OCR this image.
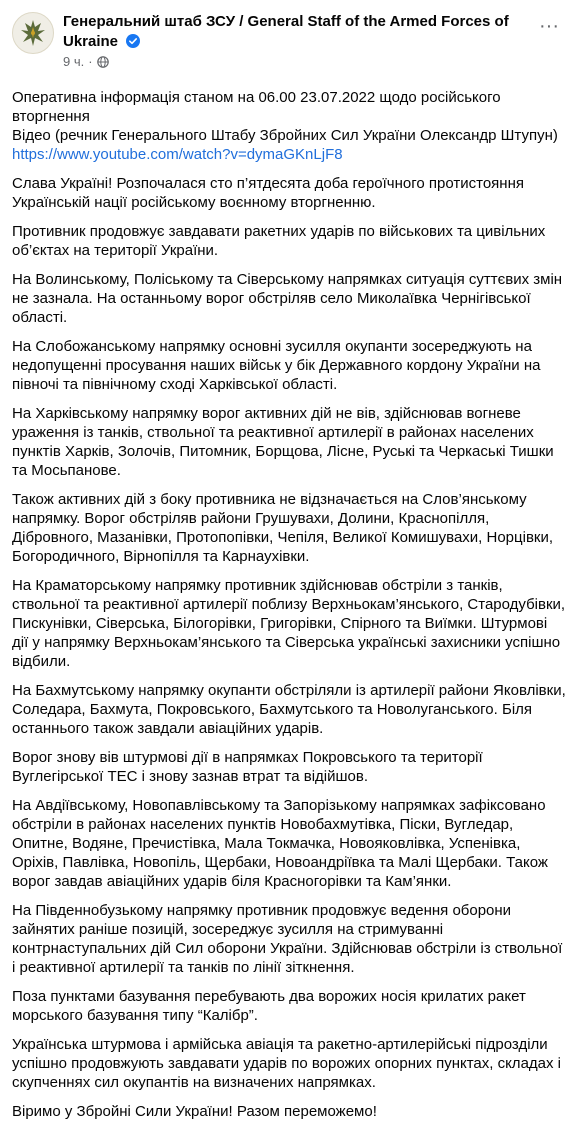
Генеральний штаб ЗСУ / General Staff of the Armed Forces of Ukraine
9 ч. ·
···
Оперативна інформація станом на 06.00 23.07.2022 щодо російського вторгнення
Відео (речник Генерального Штабу Збройних Сил України Олександр Штупун)
https://www.youtube.com/watch?v=dymaGKnLjF8
Слава Україні! Розпочалася сто п’ятдесята доба героїчного протистояння Українській нації російському воєнному вторгненню.
Противник продовжує завдавати ракетних ударів по військових та цивільних об’єктах на території України.
На Волинському, Поліському та Сіверському напрямках ситуація суттєвих змін не зазнала. На останньому ворог обстріляв село Миколаївка Чернігівської області.
На Слобожанському напрямку основні зусилля окупанти зосереджують на недопущенні просування наших військ у бік Державного кордону України на півночі та північному сході Харківської області.
На Харківському напрямку ворог активних дій не вів, здійснював вогневе ураження із танків, ствольної та реактивної артилерії в районах населених пунктів Харків, Золочів, Питомник, Борщова, Лісне, Руські та Черкаські Тишки та Мосьпанове.
Також активних дій з боку противника не відзначається на Слов’янському напрямку. Ворог обстріляв райони Грушувахи, Долини, Краснопілля, Дібровного, Мазанівки, Протопопівки, Чепіля, Великої Комишувахи, Норцівки, Богородичного, Вірнопілля та Карнаухівки.
На Краматорському напрямку противник здійснював обстріли з танків, ствольної та реактивної артилерії поблизу Верхньокам’янського, Стародубівки, Пискунівки, Сіверська, Білогорівки, Григорівки, Спірного та Виїмки. Штурмові дії у напрямку Верхньокам’янського та Сіверська українські захисники успішно відбили.
На Бахмутському напрямку окупанти обстріляли із артилерії райони Яковлівки, Соледара, Бахмута, Покровського, Бахмутського та Новолуганського. Біля останнього також завдали авіаційних ударів.
Ворог знову вів штурмові дії в напрямках Покровського та території Вуглегірської ТЕС і знову зазнав втрат та відійшов.
На Авдіївському, Новопавлівському та Запорізькому напрямках зафіксовано обстріли в районах населених пунктів Новобахмутівка, Піски, Вугледар, Опитне, Водяне, Пречистівка, Мала Токмачка, Новояковлівка, Успенівка, Оріхів, Павлівка, Новопіль, Щербаки, Новоандріївка та Малі Щербаки. Також ворог завдав авіаційних ударів біля Красногорівки та Кам’янки.
На Південнобузькому напрямку противник продовжує ведення оборони зайнятих раніше позицій, зосереджує зусилля на стримуванні контрнаступальних дій Сил оборони України. Здійснював обстріли із ствольної і реактивної артилерії та танків по лінії зіткнення.
Поза пунктами базування перебувають два ворожих носія крилатих ракет морського базування типу “Калібр”.
Українська штурмова і армійська авіація та ракетно-артилерійські підрозділи успішно продовжують завдавати ударів по ворожих опорних пунктах, складах і скупченнях сил окупантів на визначених напрямках.
Віримо у Збройні Сили України! Разом переможемо!
